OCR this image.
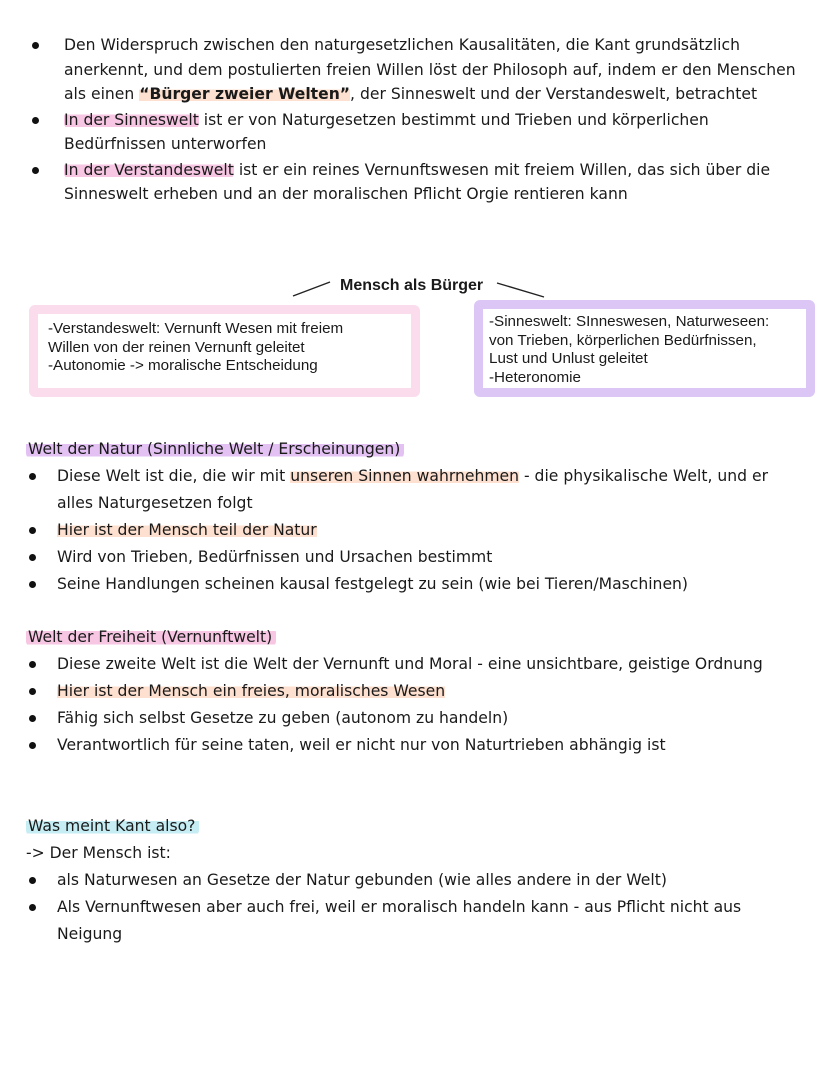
Den Widerspruch zwischen den naturgesetzlichen Kausalitäten, die Kant grundsätzlich anerkennt, und dem postulierten freien Willen löst der Philosoph auf, indem er den Menschen als einen “Bürger zweier Welten”, der Sinneswelt und der Verstandeswelt, betrachtet
In der Sinneswelt ist er von Naturgesetzen bestimmt und Trieben und körperlichen Bedürfnissen unterworfen
In der Verstandeswelt ist er ein reines Vernunftswesen mit freiem Willen, das sich über die Sinneswelt erheben und an der moralischen Pflicht Orgie rentieren kann
Mensch als Bürger
-Verstandeswelt: Vernunft Wesen mit freiem
Willen von der reinen Vernunft geleitet
-Autonomie -> moralische Entscheidung
-Sinneswelt: SInneswesen, Naturweseen:
von Trieben, körperlichen Bedürfnissen,
Lust und Unlust geleitet
-Heteronomie
Welt der Natur (Sinnliche Welt / Erscheinungen)
Diese Welt ist die, die wir mit unseren Sinnen wahrnehmen - die physikalische Welt, und er alles Naturgesetzen folgt
Hier ist der Mensch teil der Natur
Wird von Trieben, Bedürfnissen und Ursachen bestimmt
Seine Handlungen scheinen kausal festgelegt zu sein (wie bei Tieren/Maschinen)
Welt der Freiheit (Vernunftwelt)
Diese zweite Welt ist die Welt der Vernunft und Moral - eine unsichtbare, geistige Ordnung
Hier ist der Mensch ein freies, moralisches Wesen
Fähig sich selbst Gesetze zu geben (autonom zu handeln)
Verantwortlich für seine taten, weil er nicht nur von Naturtrieben abhängig ist
Was meint Kant also?
-> Der Mensch ist:
als Naturwesen an Gesetze der Natur gebunden (wie alles andere in der Welt)
Als Vernunftwesen aber auch frei, weil er moralisch handeln kann - aus Pflicht nicht aus Neigung
